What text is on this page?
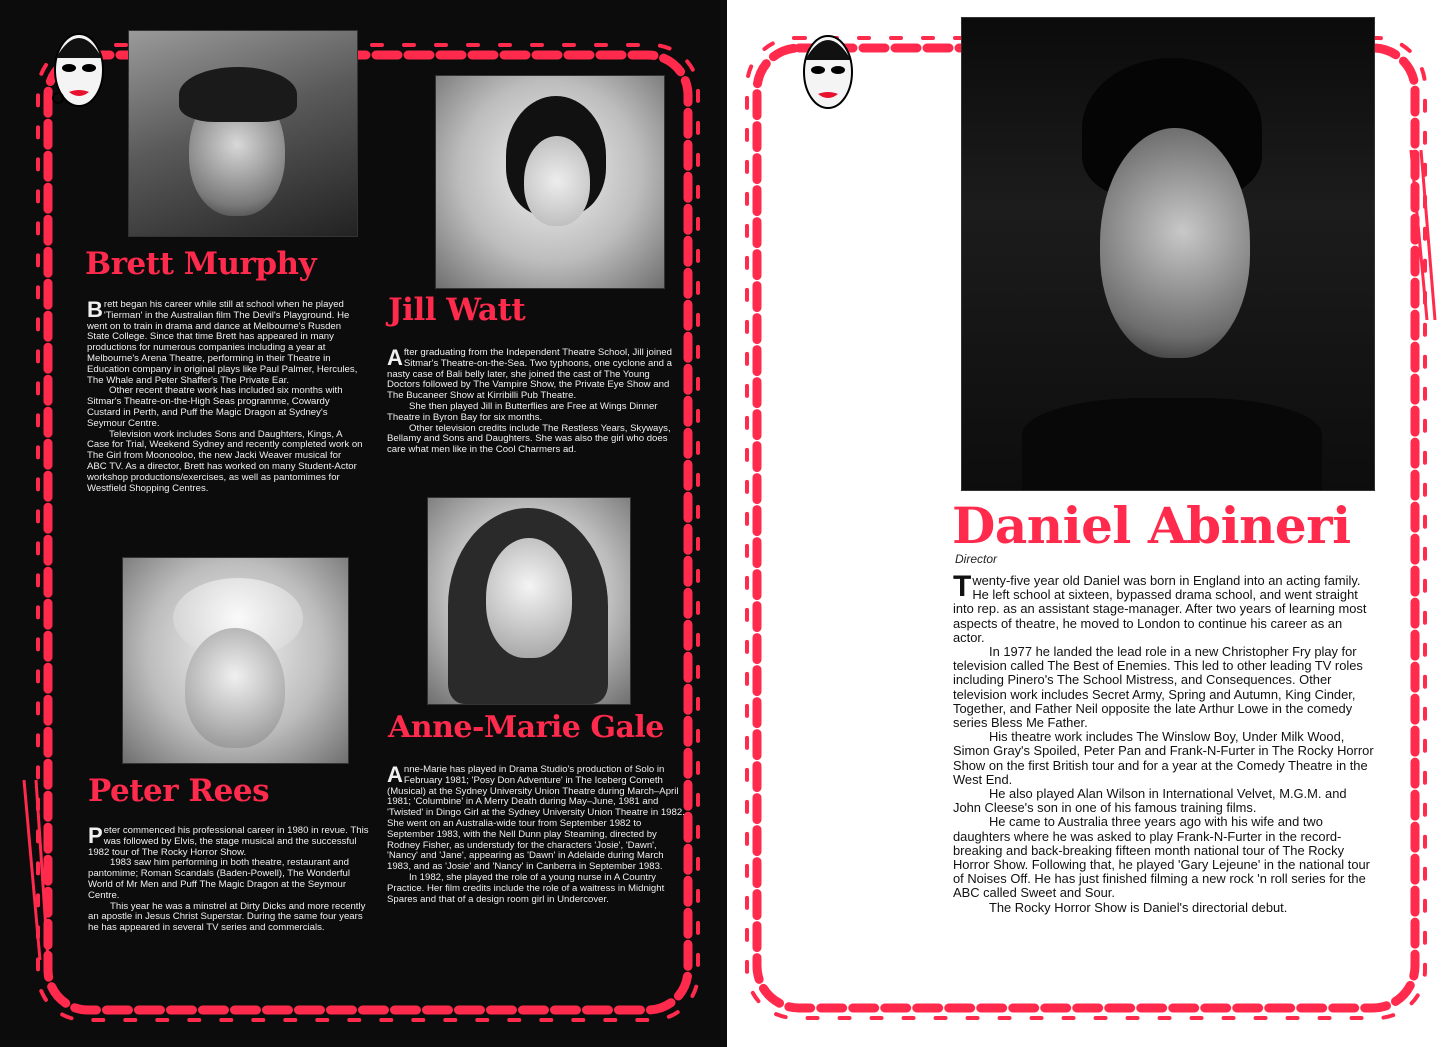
Brett Murphy

Brett began his career while still at school when he played 'Tierman' in the Australian film The Devil's Playground. He went on to train in drama and dance at Melbourne's Rusden State College. Since that time Brett has appeared in many productions for numerous companies including a year at Melbourne's Arena Theatre, performing in their Theatre in Education company in original plays like Paul Palmer, Hercules, The Whale and Peter Shaffer's The Private Ear.

Other recent theatre work has included six months with Sitmar's Theatre-on-the-High Seas programme, Cowardy Custard in Perth, and Puff the Magic Dragon at Sydney's Seymour Centre.

Television work includes Sons and Daughters, Kings, A Case for Trial, Weekend Sydney and recently completed work on The Girl from Moonooloo, the new Jacki Weaver musical for ABC TV. As a director, Brett has worked on many Student-Actor workshop productions/exercises, as well as pantomimes for Westfield Shopping Centres.

Jill Watt

After graduating from the Independent Theatre School, Jill joined Sitmar's Theatre-on-the-Sea. Two typhoons, one cyclone and a nasty case of Bali belly later, she joined the cast of The Young Doctors followed by The Vampire Show, the Private Eye Show and The Bucaneer Show at Kirribilli Pub Theatre.

She then played Jill in Butterflies are Free at Wings Dinner Theatre in Byron Bay for six months.

Other television credits include The Restless Years, Skyways, Bellamy and Sons and Daughters. She was also the girl who does care what men like in the Cool Charmers ad.

Peter Rees

Peter commenced his professional career in 1980 in revue. This was followed by Elvis, the stage musical and the successful 1982 tour of The Rocky Horror Show.

1983 saw him performing in both theatre, restaurant and pantomime; Roman Scandals (Baden-Powell), The Wonderful World of Mr Men and Puff The Magic Dragon at the Seymour Centre.

This year he was a minstrel at Dirty Dicks and more recently an apostle in Jesus Christ Superstar. During the same four years he has appeared in several TV series and commercials.

Anne-Marie Gale

Anne-Marie has played in Drama Studio's production of Solo in February 1981; 'Posy Don Adventure' in The Iceberg Cometh (Musical) at the Sydney University Union Theatre during March–April 1981; 'Columbine' in A Merry Death during May–June, 1981 and 'Twisted' in Dingo Girl at the Sydney University Union Theatre in 1982. She went on an Australia-wide tour from September 1982 to September 1983, with the Nell Dunn play Steaming, directed by Rodney Fisher, as understudy for the characters 'Josie', 'Dawn', 'Nancy' and 'Jane', appearing as 'Dawn' in Adelaide during March 1983, and as 'Josie' and 'Nancy' in Canberra in September 1983.

In 1982, she played the role of a young nurse in A Country Practice. Her film credits include the role of a waitress in Midnight Spares and that of a design room girl in Undercover.

Daniel Abineri
Director

Twenty-five year old Daniel was born in England into an acting family. He left school at sixteen, bypassed drama school, and went straight into rep. as an assistant stage-manager. After two years of learning most aspects of theatre, he moved to London to continue his career as an actor.

In 1977 he landed the lead role in a new Christopher Fry play for television called The Best of Enemies. This led to other leading TV roles including Pinero's The School Mistress, and Consequences. Other television work includes Secret Army, Spring and Autumn, King Cinder, Together, and Father Neil opposite the late Arthur Lowe in the comedy series Bless Me Father.

His theatre work includes The Winslow Boy, Under Milk Wood, Simon Gray's Spoiled, Peter Pan and Frank-N-Furter in The Rocky Horror Show on the first British tour and for a year at the Comedy Theatre in the West End.

He also played Alan Wilson in International Velvet, M.G.M. and John Cleese's son in one of his famous training films.

He came to Australia three years ago with his wife and two daughters where he was asked to play Frank-N-Furter in the record-breaking and back-breaking fifteen month national tour of The Rocky Horror Show. Following that, he played 'Gary Lejeune' in the national tour of Noises Off. He has just finished filming a new rock 'n roll series for the ABC called Sweet and Sour.

The Rocky Horror Show is Daniel's directorial debut.
